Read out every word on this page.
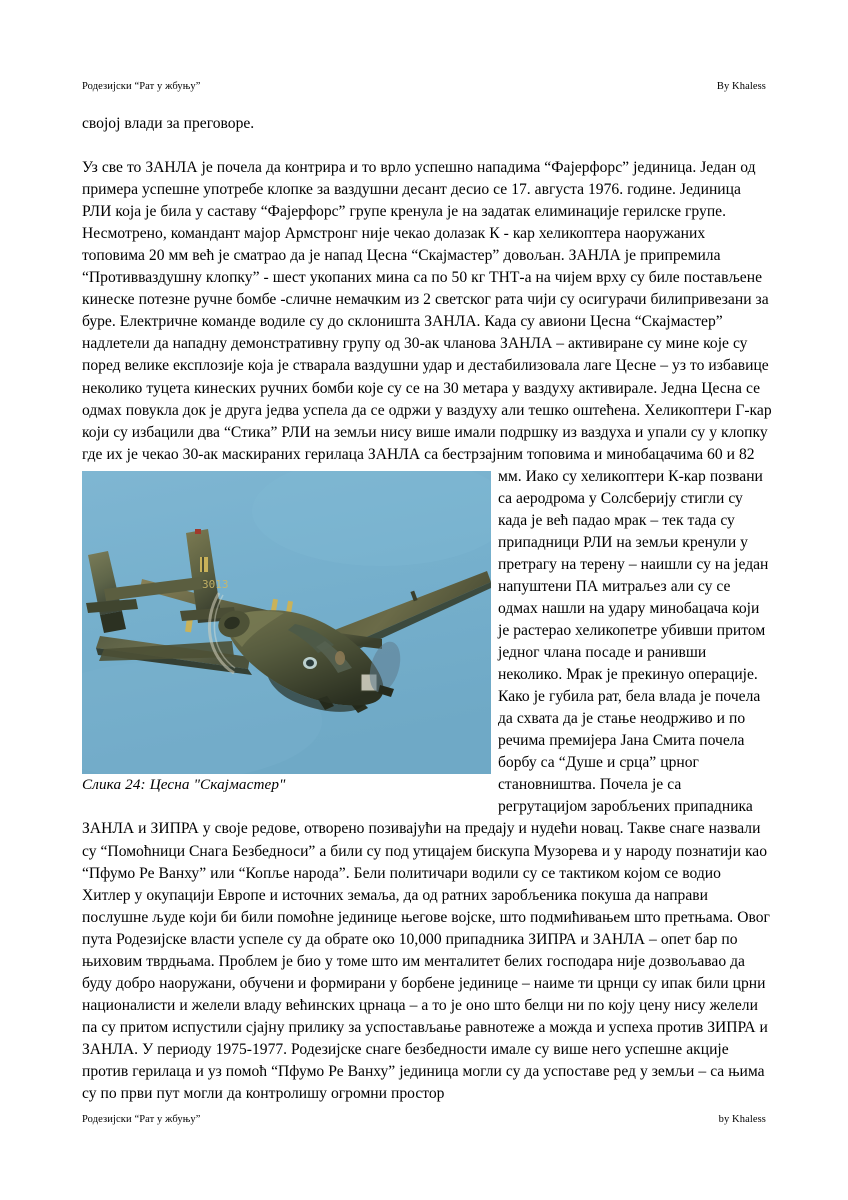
Родезијски “Рат у жбуњу”	By Khaless

својој влади за преговоре.

Уз све то ЗАНЛА је почела да контрира и то врло успешно нападима “Фајерфорс” јединица. Један од примера успешне употребе клопке за ваздушни десант десио се 17. августа 1976. године. Јединица РЛИ која је била у саставу “Фајерфорс” групе кренула је на задатак елиминације герилске групе. Несмотрено, командант мајор Армстронг није чекао долазак К - кар хеликоптера наоружаних топовима 20 мм већ је сматрао да је напад Цесна “Скајмастер” довољан. ЗАНЛА је припремила “Противваздушну клопку” - шест укопаних мина са по 50 кг ТНТ-а на чијем врху су биле постављене кинеске потезне ручне бомбе -сличне немачким из 2 светског рата чији су осигурачи билипривезани за буре. Електричне команде водиле су до склоништа ЗАНЛА. Када су авиони Цесна “Скајмастер” надлетели да нападну демонстративну групу од 30-ак чланова ЗАНЛА – активиране су мине које су поред велике експлозије која је стварала ваздушни удар и дестабилизовала лаге Цесне – уз то избавице неколико туцета кинеских ручних бомби које су се на 30 метара у ваздуху активирале. Једна Цесна се одмах повукла док је друга једва успела да се одржи у ваздуху али тешко оштећена. Хеликоптери Г-кар који су избацили два “Стика” РЛИ на земљи нису више имали подршку из ваздуха и упали су у клопку где их је чекао 30-ак маскираних герилаца ЗАНЛА са
3013
Слика 24: Цесна "Скајмастер"
бестрзајним топовима и минобацачима 60 и 82 мм. Иако су хеликоптери К-кар позвани са аеродрома у Солсберију стигли су када је већ падао мрак – тек тада су припадници РЛИ на земљи кренули у претрагу на терену – наишли су на један напуштени ПА митраљез али су се одмах нашли на удару минобацача који је растерао хеликопетре убивши притом једног члана посаде и ранивши неколико. Мрак је прекинуо операције. Како је губила рат, бела влада је почела да схвата да је стање неодрживо и по речима премијера Јана Смита почела борбу са “Душе и срца” црног становништва. Почела је са регрутацијом заробљених припадника ЗАНЛА и ЗИПРА у своје редове, отворено позивајући на предају и нудећи новац. Такве снаге назвали су “Помоћници Снага Безбедноси” а били су под утицајем бискупа Музорева и у народу познатији као “Пфумо Ре Ванху” или “Копље народа”. Бели политичари водили су се тактиком којом се водио Хитлер у окупацији Европе и источних земаља, да од ратних заробљеника покуша да направи послушне људе који би били помоћне јединице његове војске, што подмићивањем што претњама. Овог пута Родезијске власти успеле су да обрате око 10,000 припадника ЗИПРА и ЗАНЛА – опет бар по њиховим тврдњама. Проблем је био у томе што им менталитет белих господара није дозвољавао да буду добро наоружани, обучени и формирани у борбене јединице – наиме ти црнци су ипак били црни националисти и желели владу већинских црнаца – а то је оно што белци ни по коју цену нису желели па су притом испустили сјајну прилику за успостављање равнотеже а можда и успеха против ЗИПРА и ЗАНЛА. У периоду 1975-1977. Родезијске снаге безбедности имале су више него успешне акције против герилаца и уз помоћ “Пфумо Ре Ванху” јединица могли су да успоставе ред у земљи – са њима су по први пут могли да контролишу огромни простор

Родезијски “Рат у жбуњу”	by Khaless
